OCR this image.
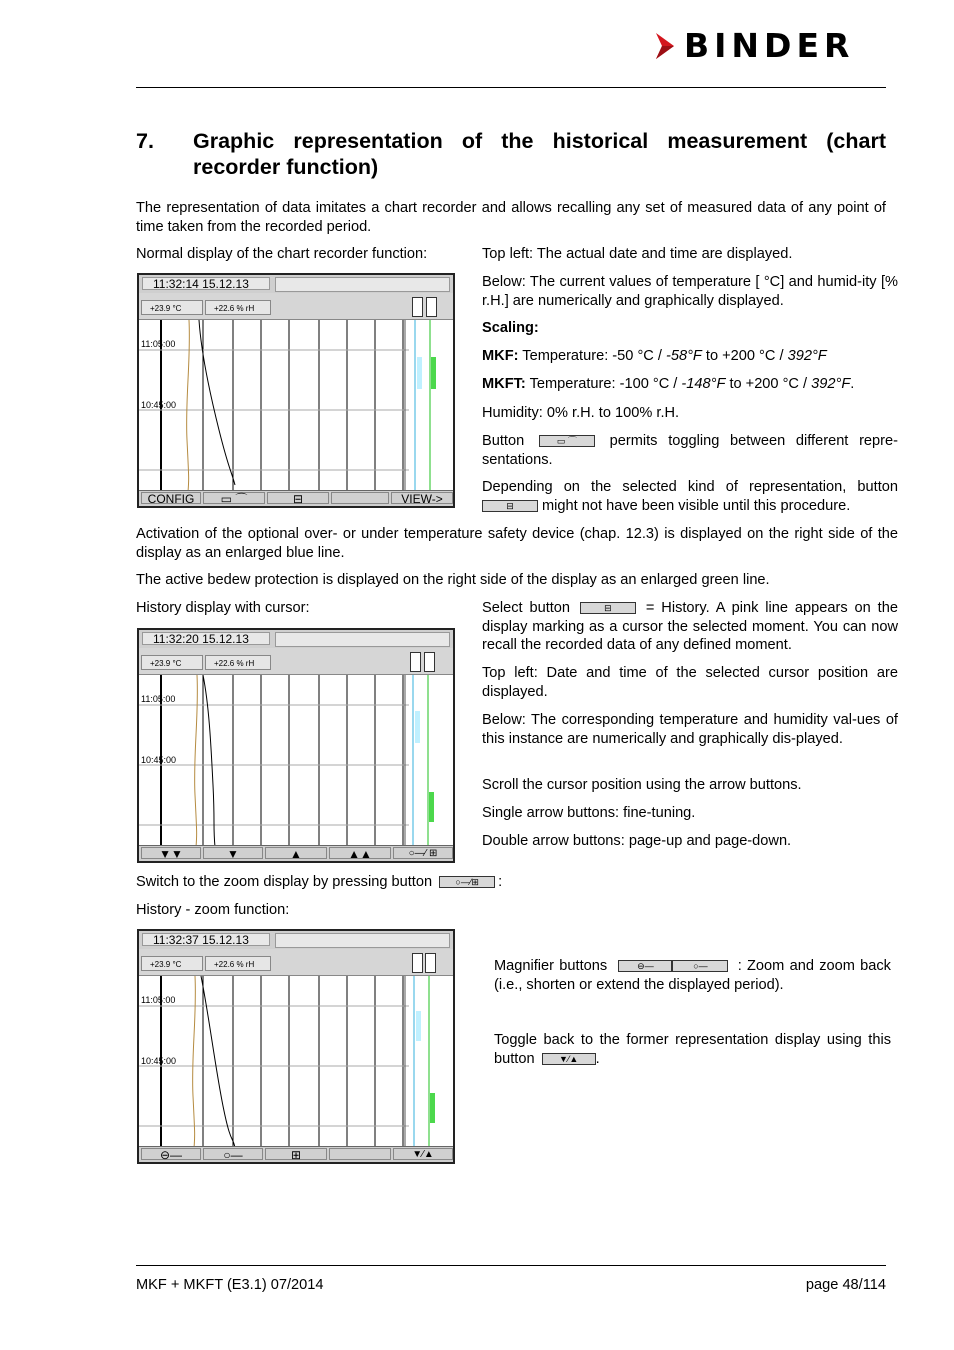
BINDER
7. Graphic representation of the historical measurement (chart
recorder function)

The representation of data imitates a chart recorder and allows recalling any set of measured data of any point of time taken from the recorded period.

Normal display of the chart recorder function:

11:32:14 15.12.13
+23.9 °C	+22.6 % rH
11:05:00
10:45:00
CONFIG	▭ ⌒	⊟	VIEW->

Top left: The actual date and time are displayed.

Below: The current values of temperature [ °C] and humid-ity [% r.H.] are numerically and graphically displayed.

Scaling:

MKF: Temperature: -50 °C / -58°F to +200 °C / 392°F

MKFT: Temperature: -100 °C / -148°F to +200 °C / 392°F.

Humidity: 0% r.H. to 100% r.H.

Button	▭ ⌒ permits toggling between different repre-sentations.

Depending on the selected kind of representation, button ⊟ might not have been visible until this procedure.

Activation of the optional over- or under temperature safety device (chap. 12.3) is displayed on the right side of the display as an enlarged blue line.

The active bedew protection is displayed on the right side of the display as an enlarged green line.

History display with cursor:

11:32:20 15.12.13
+23.9 °C	+22.6 % rH
11:05:00
10:45:00
▼▼	▼	▲	▲▲	○—⁄ ⊞

Select button	⊟ = History. A pink line appears on the display marking as a cursor the selected moment. You can now recall the recorded data of any defined moment.

Top left: Date and time of the selected cursor position are displayed.

Below: The corresponding temperature and humidity val-ues of this instance are numerically and graphically dis-played.

Scroll the cursor position using the arrow buttons.

Single arrow buttons: fine-tuning.

Double arrow buttons: page-up and page-down.

Switch to the zoom display by pressing button	○—⁄⊞ :

History - zoom function:

11:32:37 15.12.13
+23.9 °C	+22.6 % rH
11:05:00
10:45:00
⊖—	○—	⊞	▼⁄▲

Magnifier buttons	⊖—	○— : Zoom and zoom back (i.e., shorten or extend the displayed period).

Toggle back to the former representation display using this button	▼⁄▲ .

MKF + MKFT (E3.1) 07/2014	page 48/114
